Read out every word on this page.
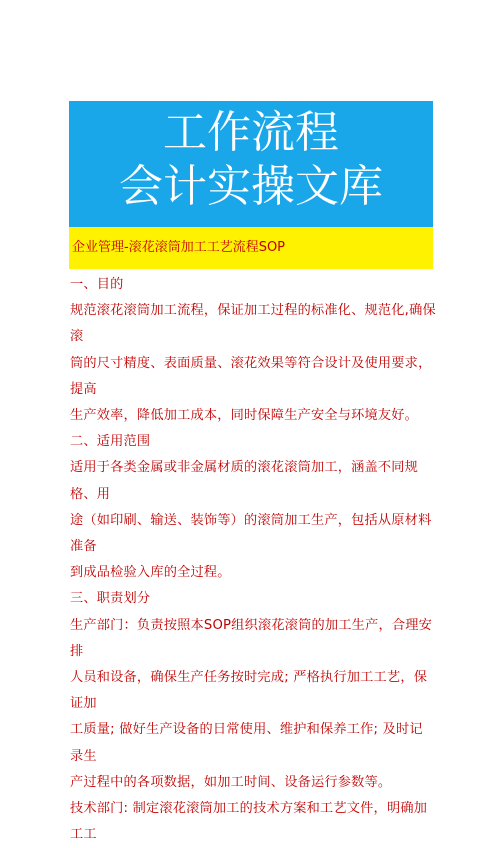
工作流程
会计实操文库
企业管理-滚花滚筒加工工艺流程SOP

一、目的

规范滚花滚筒加工流程，保证加工过程的标准化、规范化,确保滚

筒的尺寸精度、表面质量、滚花效果等符合设计及使用要求，提高

生产效率，降低加工成本，同时保障生产安全与环境友好。

二、适用范围

适用于各类金属或非金属材质的滚花滚筒加工，涵盖不同规格、用

途（如印刷、输送、装饰等）的滚筒加工生产，包括从原材料准备

到成品检验入库的全过程。

三、职责划分

生产部门：负责按照本SOP组织滚花滚筒的加工生产，合理安排

人员和设备，确保生产任务按时完成; 严格执行加工工艺，保证加

工质量; 做好生产设备的日常使用、维护和保养工作; 及时记录生

产过程中的各项数据，如加工时间、设备运行参数等。

技术部门: 制定滚花滚筒加工的技术方案和工艺文件，明确加工工
